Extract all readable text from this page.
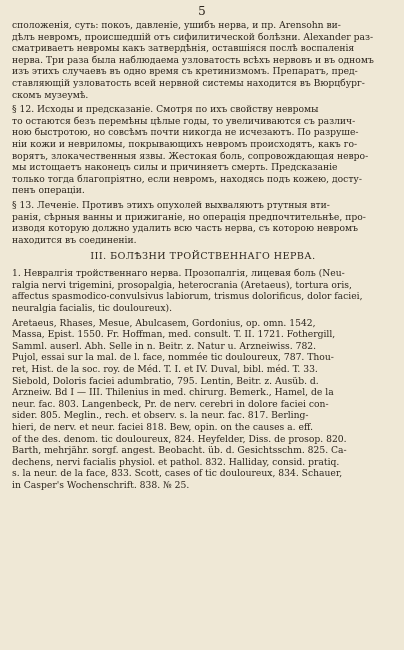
5
сположенія, суть: покоъ, давленіе, ушибъ нерва, и пр. Arensohn ви-
дѣлъ невромъ, происшедшій отъ сифилитической болѣзни. Alexander раз-
сматриваетъ невромы какъ затвердѣнія, оставшіяся послѣ воспаленія
нерва. Три раза была наблюдаема узловатость всѣхъ нервовъ и въ одномъ
изъ этихъ случаевъ въ одно время съ кретинизмомъ. Препаратъ, пред-
ставляющій узловатость всей нервной системы находится въ Вюрцбург-
скомъ музеумѣ.
§ 12. Исходы и предсказаніе. Смотря по ихъ свойству невромы
то остаются безъ перемѣны цѣлые годы, то увеличиваются съ различ-
ною быстротою, но совсѣмъ почти никогда не исчезаютъ. По разруше-
ніи кожи и невриломы, покрывающихъ невромъ происходятъ, какъ го-
ворятъ, злокачественныя язвы. Жестокая боль, сопровождающая невро-
мы истощаетъ наконецъ силы и причиняетъ смерть. Предсказаніе
только тогда благопріятно, если невромъ, находясь подъ кожею, досту-
пенъ операціи.
§ 13. Леченіе. Противъ этихъ опухолей выхваляютъ ртутныя вти-
ранія, сѣрныя ванны и прижиганіе, но операція предпочтительнѣе, про-
изводя которую должно удалить всю часть нерва, съ которою невромъ
находится въ соединеніи.
III. БОЛѢЗНИ ТРОЙСТВЕННАГО НЕРВА.
1. Невралгія тройственнаго нерва. Прозопалгія, лицевая боль (Neu-
ralgia nervi trigemini, prosopalgia, heterocrania (Aretaeus), tortura oris,
affectus spasmodico-convulsivus labiorum, trismus dolorificus, dolor faciei,
neuralgia facialis, tic douloureux).
Aretaeus, Rhases, Mesue, Abulcasem, Gordonius, op. omn. 1542,
Massa, Epist. 1550. Fr. Hoffman, med. consult. T. II. 1721. Fothergill,
Samml. auserl. Abh. Selle in n. Beitr. z. Natur u. Arzneiwiss. 782.
Pujol, essai sur la mal. de l. face, nommée tic douloureux, 787. Thou-
ret, Hist. de la soc. roy. de Méd. T. I. et IV. Duval, bibl. méd. T. 33.
Siebold, Doloris faciei adumbratio, 795. Lentin, Beitr. z. Ausüb. d.
Arzneiw. Bd I — III. Thilenius in med. chirurg. Bemerk., Hamel, de la
neur. fac. 803. Langenbeck, Pr. de nerv. cerebri in dolore faciei con-
sider. 805. Meglin., rech. et observ. s. la neur. fac. 817. Berling-
hieri, de nerv. et neur. faciei 818. Bew, opin. on the causes a. eff.
of the des. denom. tic douloureux, 824. Heyfelder, Diss. de prosop. 820.
Barth, mehrjähr. sorgf. angest. Beobacht. üb. d. Gesichtsschm. 825. Ca-
dechens, nervi facialis physiol. et pathol. 832. Halliday, consid. pratiq.
s. la neur. de la face, 833. Scott, cases of tic douloureux, 834. Schauer,
in Casper's Wochenschrift. 838. № 25.
